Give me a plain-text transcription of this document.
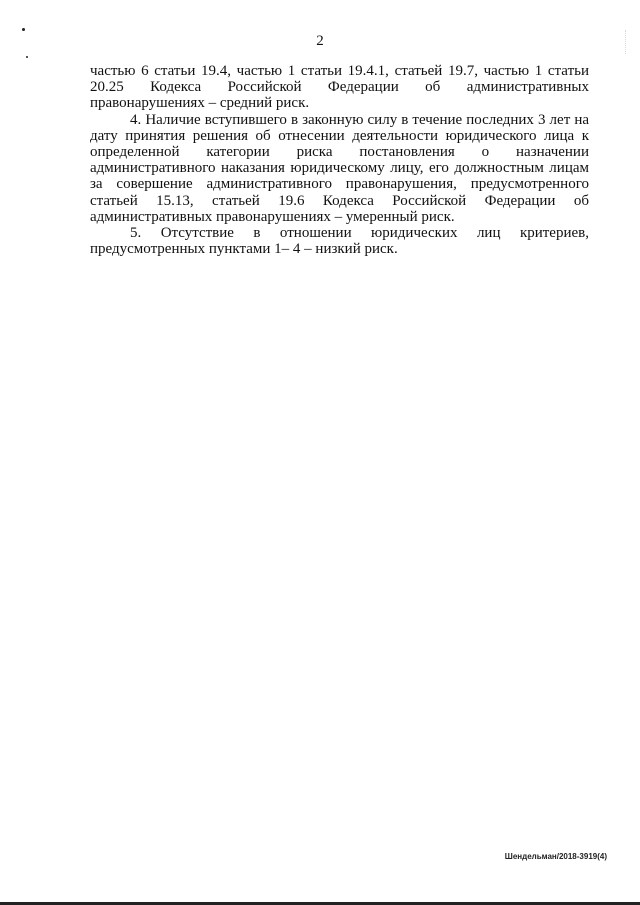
2

частью 6 статьи 19.4, частью 1 статьи 19.4.1, статьей 19.7, частью 1 статьи 20.25 Кодекса Российской Федерации об административных правонарушениях – средний риск.

4. Наличие вступившего в законную силу в течение последних 3 лет на дату принятия решения об отнесении деятельности юридического лица к определенной категории риска постановления о назначении административного наказания юридическому лицу, его должностным лицам за совершение административного правонарушения, предусмотренного статьей 15.13, статьей 19.6 Кодекса Российской Федерации об административных правонарушениях – умеренный риск.

5. Отсутствие в отношении юридических лиц критериев, предусмотренных пунктами 1– 4 – низкий риск.

Шендельман/2018-3919(4)
